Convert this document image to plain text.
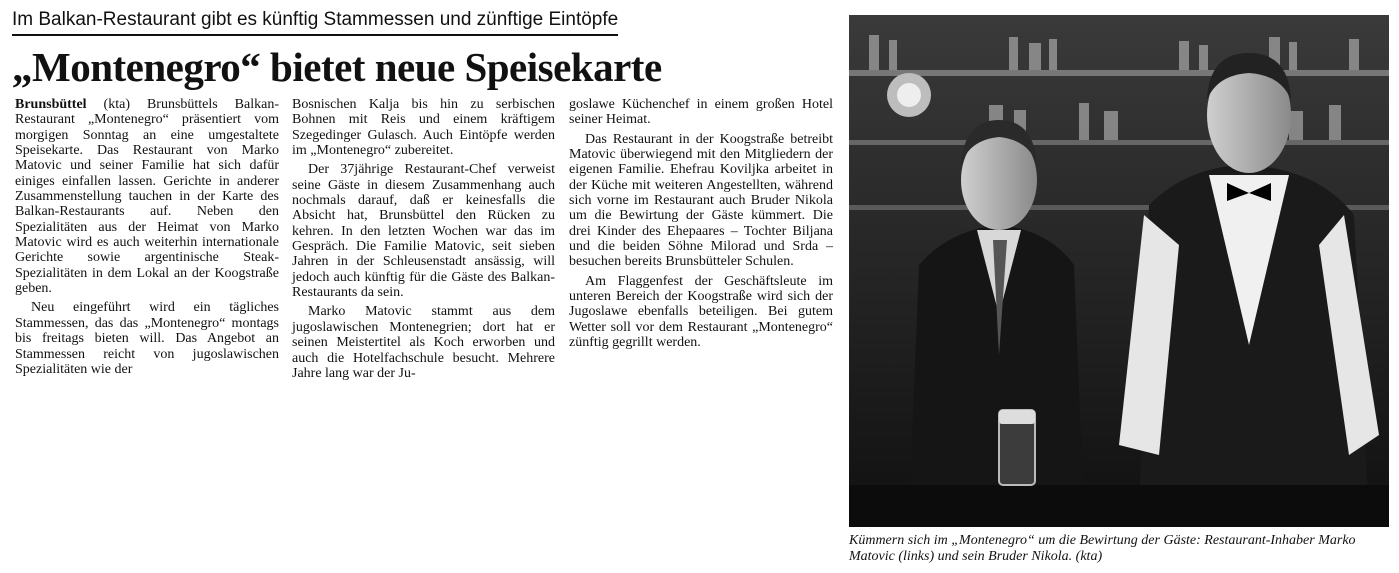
Im Balkan-Restaurant gibt es künftig Stammessen und zünftige Eintöpfe
„Montenegro“ bietet neue Speisekarte

Brunsbüttel (kta) Brunsbüttels Balkan-Restaurant „Montenegro“ präsentiert vom morgigen Sonntag an eine umgestaltete Speisekarte. Das Restaurant von Marko Matovic und seiner Familie hat sich dafür einiges einfallen lassen. Gerichte in anderer Zusammenstellung tauchen in der Karte des Balkan-Restaurants auf. Neben den Spezialitäten aus der Heimat von Marko Matovic wird es auch weiterhin internationale Gerichte sowie argentinische Steak-Spezialitäten in dem Lokal an der Koogstraße geben.

Neu eingeführt wird ein tägliches Stammessen, das das „Montenegro“ montags bis freitags bieten will. Das Angebot an Stammessen reicht von jugoslawischen Spezialitäten wie der

Bosnischen Kalja bis hin zu serbischen Bohnen mit Reis und einem kräftigem Szegedinger Gulasch. Auch Eintöpfe werden im „Montenegro“ zubereitet.

Der 37jährige Restaurant-Chef verweist seine Gäste in diesem Zusammenhang auch nochmals darauf, daß er keinesfalls die Absicht hat, Brunsbüttel den Rücken zu kehren. In den letzten Wochen war das im Gespräch. Die Familie Matovic, seit sieben Jahren in der Schleusenstadt ansässig, will jedoch auch künftig für die Gäste des Balkan-Restaurants da sein.

Marko Matovic stammt aus dem jugoslawischen Montenegrien; dort hat er seinen Meistertitel als Koch erworben und auch die Hotelfachschule besucht. Mehrere Jahre lang war der Ju-

goslawe Küchenchef in einem großen Hotel seiner Heimat.

Das Restaurant in der Koogstraße betreibt Matovic überwiegend mit den Mitgliedern der eigenen Familie. Ehefrau Koviljka arbeitet in der Küche mit weiteren Angestellten, während sich vorne im Restaurant auch Bruder Nikola um die Bewirtung der Gäste kümmert. Die drei Kinder des Ehepaares – Tochter Biljana und die beiden Söhne Milorad und Srda – besuchen bereits Brunsbütteler Schulen.

Am Flaggenfest der Geschäftsleute im unteren Bereich der Koogstraße wird sich der Jugoslawe ebenfalls beteiligen. Bei gutem Wetter soll vor dem Restaurant „Montenegro“ zünftig gegrillt werden.

Kümmern sich im „Montenegro“ um die Bewirtung der Gäste: Restaurant-Inhaber Marko Matovic (links) und sein Bruder Nikola. (kta)
